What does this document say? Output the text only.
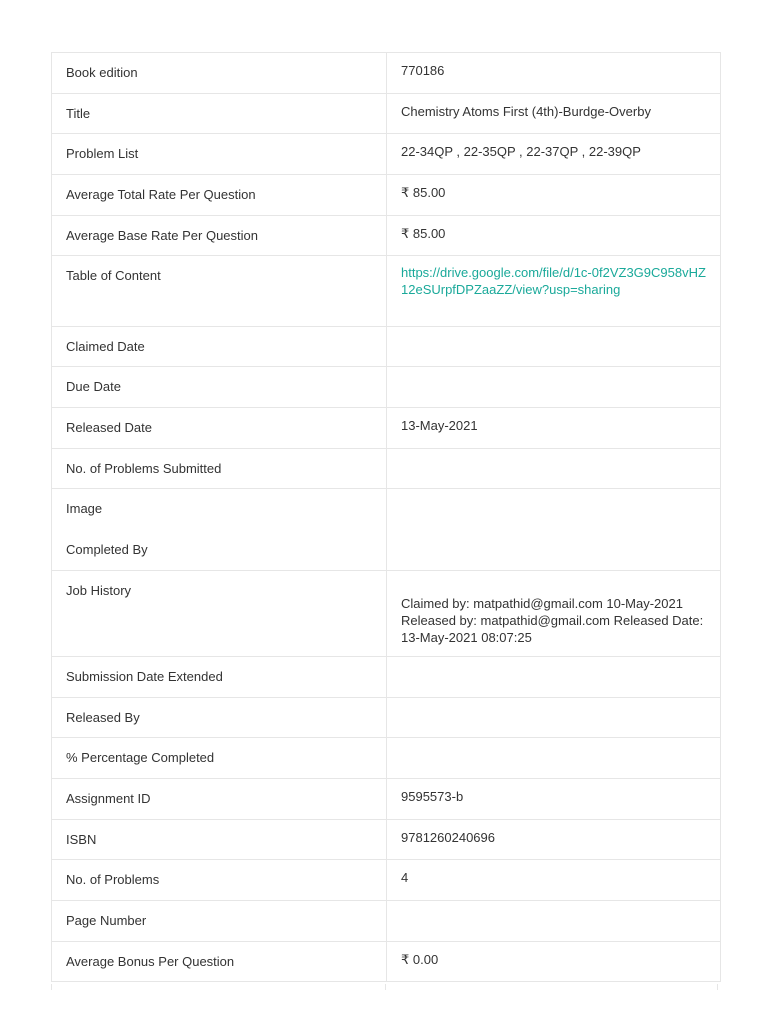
Book edition	770186

Title	Chemistry Atoms First (4th)-Burdge-Overby

Problem List	22-34QP , 22-35QP , 22-37QP , 22-39QP

Average Total Rate Per Question	₹ 85.00

Average Base Rate Per Question	₹ 85.00

Table of Content	https://drive.google.com/file/d/1c-0f2VZ3G9C958vHZ12eSUrpfDPZaaZZ/view?usp=sharing

Claimed Date	

Due Date	

Released Date	13-May-2021

No. of Problems Submitted	

Image
Completed By	

Job History	Claimed by: matpathid@gmail.com 10-May-2021
Released by: matpathid@gmail.com Released Date: 13-May-2021 08:07:25

Submission Date Extended	

Released By	

% Percentage Completed	

Assignment ID	9595573-b

ISBN	9781260240696

No. of Problems	4

Page Number	

Average Bonus Per Question	₹ 0.00
